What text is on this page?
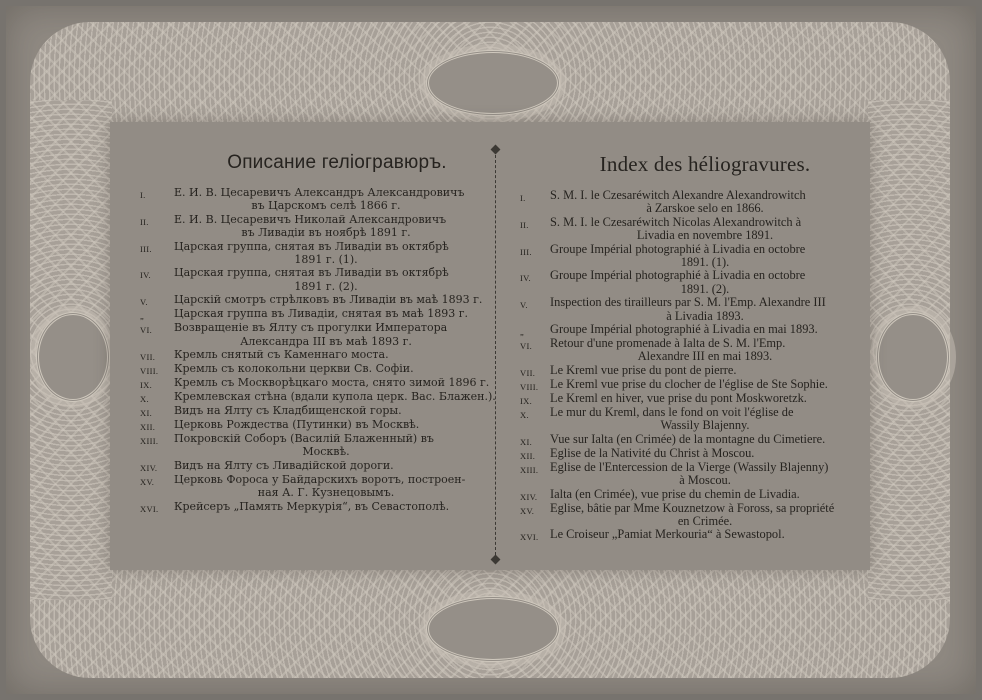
Описание геліогравюръ.
I.	Е. И. В. Цесаревичъ Александръ Александровичъ
въ Царскомъ селѣ 1866 г.
II.	Е. И. В. Цесаревичъ Николай Александровичъ
въ Ливадіи въ ноябрѣ 1891 г.
III.	Царская группа, снятая въ Ливадіи въ октябрѣ
1891 г. (1).
IV.	Царская группа, снятая въ Ливадіи въ октябрѣ
1891 г. (2).
V.	Царскій смотръ стрѣлковъ въ Ливадіи въ маѣ 1893 г.
„	Царская группа въ Ливадіи, снятая въ маѣ 1893 г.
VI.	Возвращеніе въ Ялту съ прогулки Императора
Александра III въ маѣ 1893 г.
VII.	Кремль снятый съ Каменнаго моста.
VIII.	Кремль съ колокольни церкви Св. Софіи.
IX.	Кремль съ Москворѣцкаго моста, снято зимой 1896 г.
X.	Кремлевская стѣна (вдали купола церк. Вас. Блажен.).
XI.	Видъ на Ялту съ Кладбищенской горы.
XII.	Церковь Рождества (Путинки) въ Москвѣ.
XIII.	Покровскій Соборъ (Василій Блаженный) въ
Москвѣ.
XIV.	Видъ на Ялту съ Ливадійской дороги.
XV.	Церковь Фороса у Байдарскихъ воротъ, построен-
ная А. Г. Кузнецовымъ.
XVI.	Крейсеръ „Память Меркурія“, въ Севастополѣ.
Index des héliogravures.
I.	S. M. I. le Czesaréwitch Alexandre Alexandrowitch
à Zarskoe selo en 1866.
II.	S. M. I. le Czesaréwitch Nicolas Alexandrowitch à
Livadia en novembre 1891.
III.	Groupe Impérial photographié à Livadia en octobre
1891. (1).
IV.	Groupe Impérial photographié à Livadia en octobre
1891. (2).
V.	Inspection des tirailleurs par S. M. l'Emp. Alexandre III
à Livadia 1893.
„	Groupe Impérial photographié à Livadia en mai 1893.
VI.	Retour d'une promenade à Ialta de S. M. l'Emp.
Alexandre III en mai 1893.
VII.	Le Kreml vue prise du pont de pierre.
VIII. Le Kreml vue prise du clocher de l'église de Ste Sophie.
IX.	Le Kreml en hiver, vue prise du pont Moskworetzk.
X.	Le mur du Kreml, dans le fond on voit l'église de
Wassily Blajenny.
XI.	Vue sur Ialta (en Crimée) de la montagne du Cimetiere.
XII.	Eglise de la Nativité du Christ à Moscou.
XIII. Eglise de l'Entercession de la Vierge (Wassily Blajenny)
à Moscou.
XIV.	Ialta (en Crimée), vue prise du chemin de Livadia.
XV.	Eglise, bâtie par Mme Kouznetzow à Foross, sa propriété
en Crimée.
XVI. Le Croiseur „Pamiat Merkouria“ à Sewastopol.
